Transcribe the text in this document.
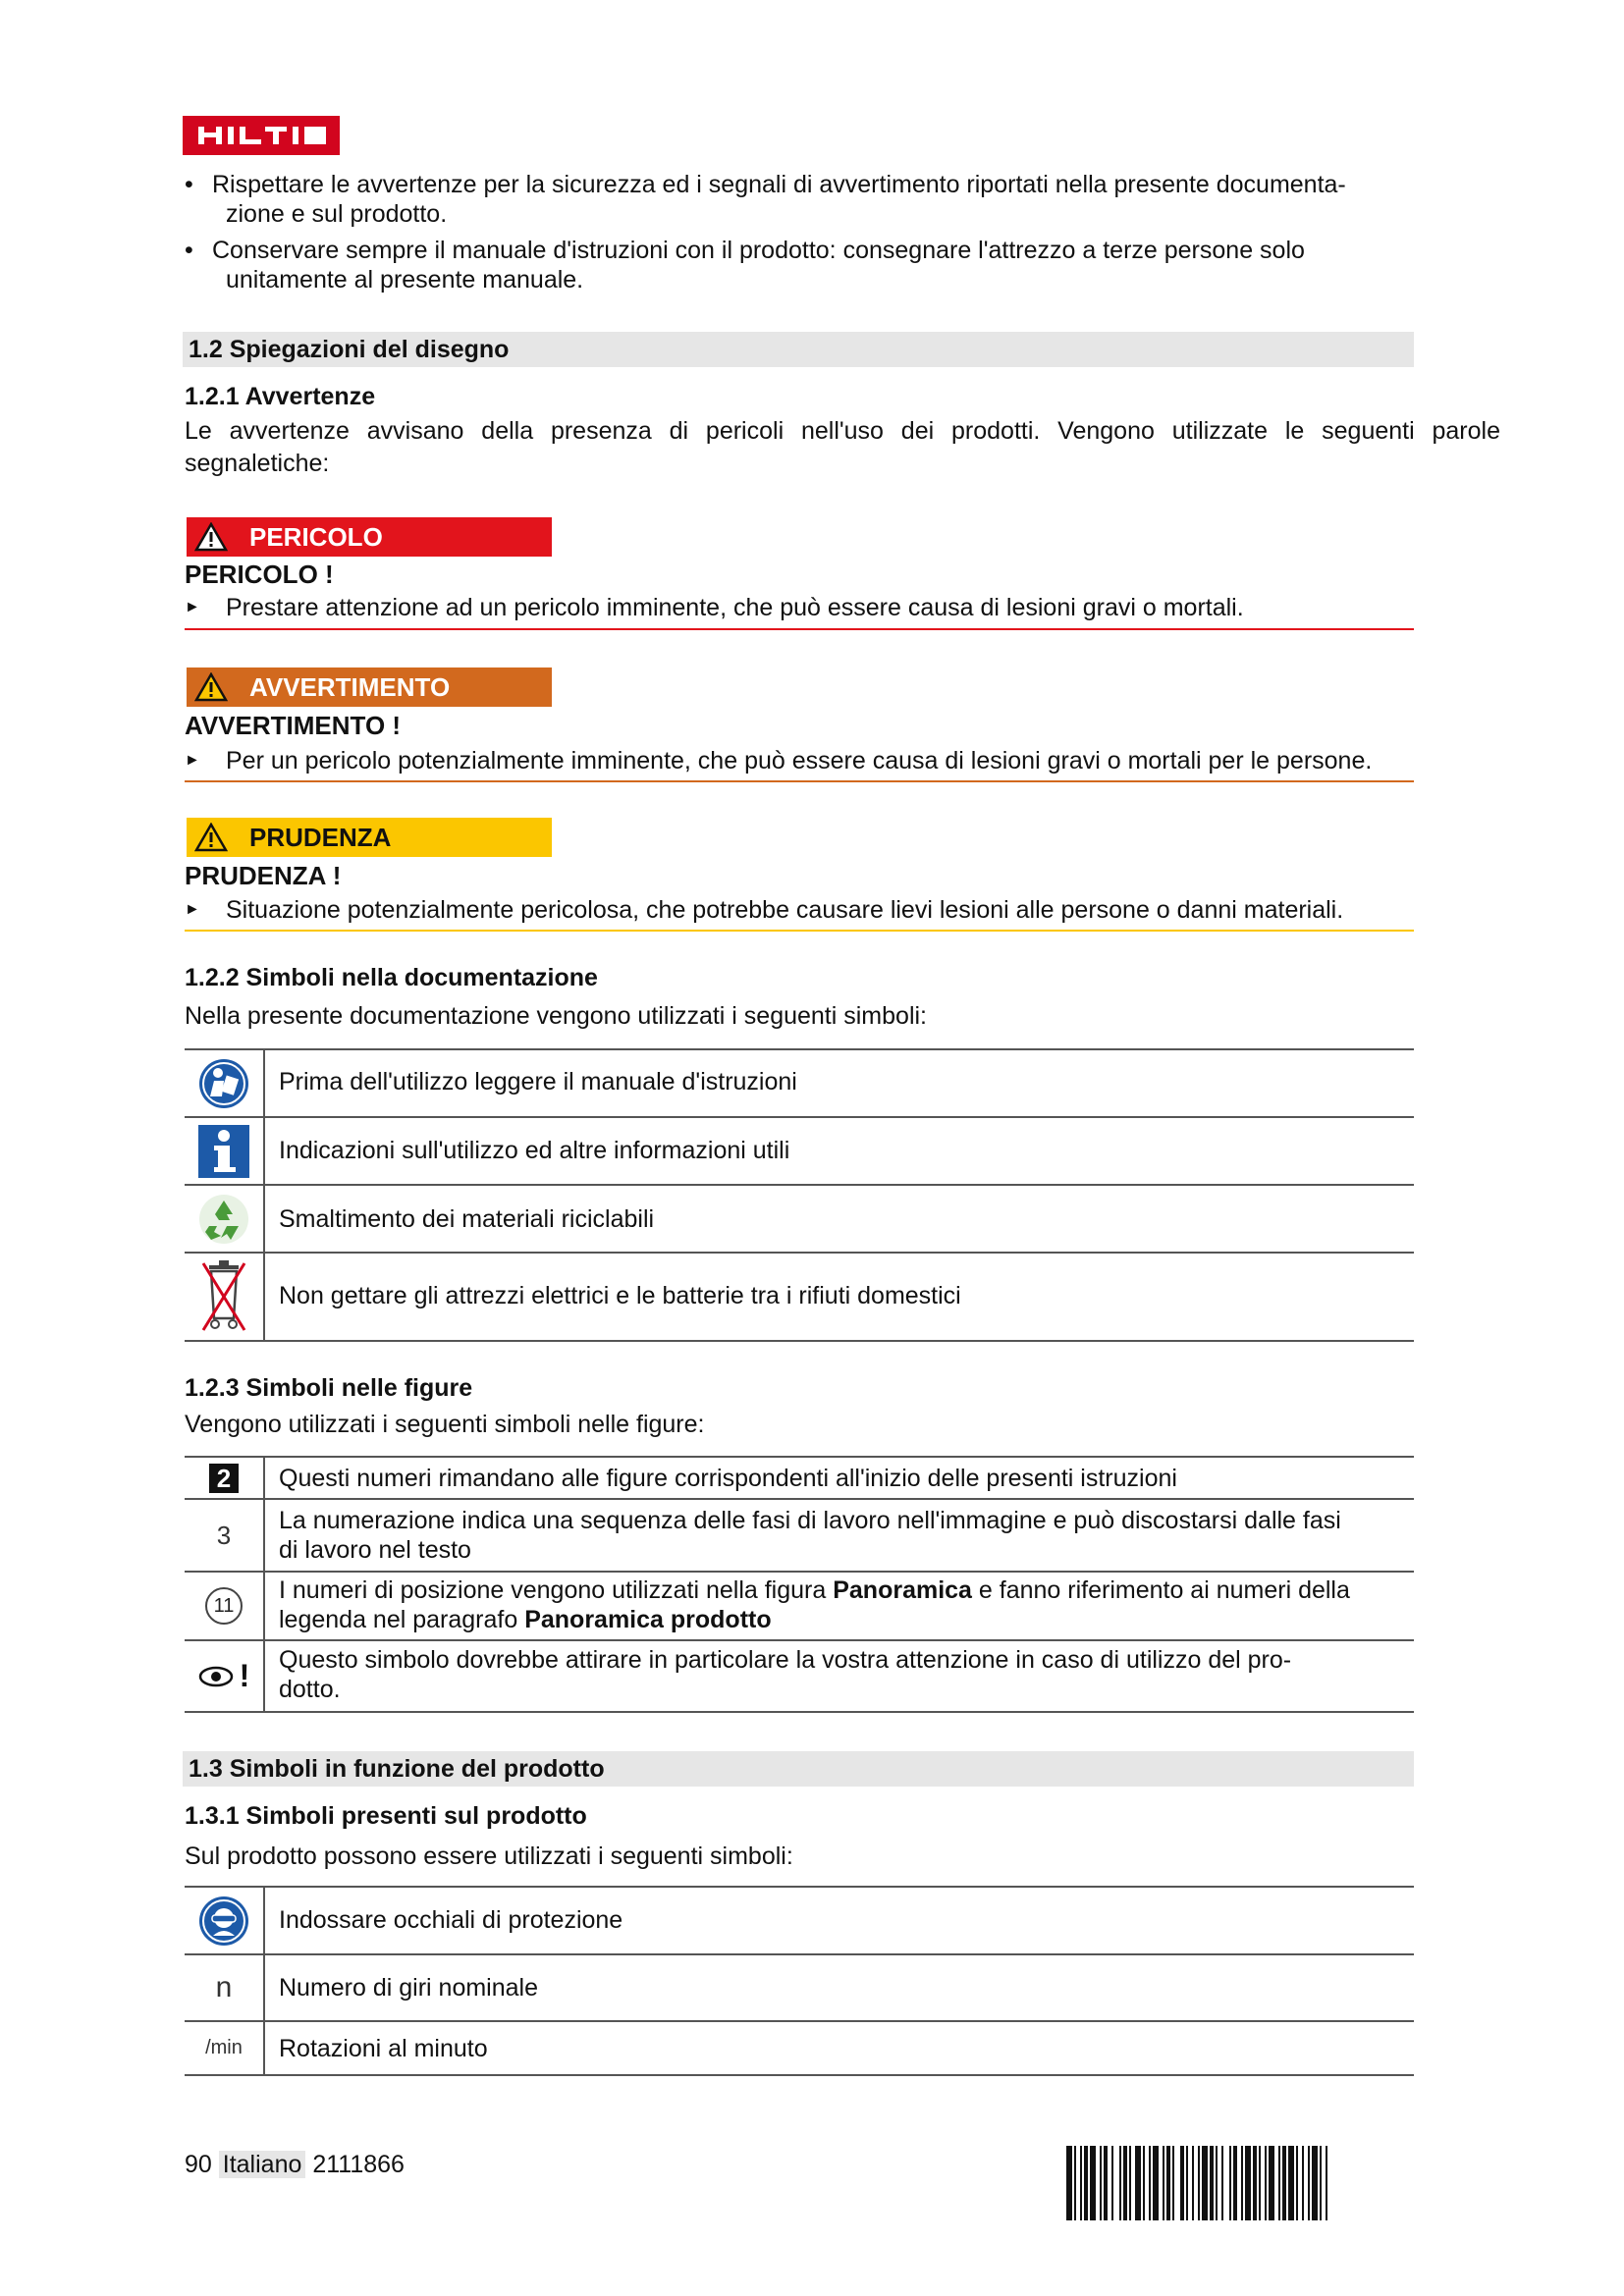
• Rispettare le avvertenze per la sicurezza ed i segnali di avvertimento riportati nella presente documenta-
zione e sul prodotto.
• Conservare sempre il manuale d'istruzioni con il prodotto: consegnare l'attrezzo a terze persone solo
unitamente al presente manuale.
1.2 Spiegazioni del disegno
1.2.1 Avvertenze
Le avvertenze avvisano della presenza di pericoli nell'uso dei prodotti. Vengono utilizzate le seguenti parole segnaletiche:
PERICOLO
PERICOLO !
► Prestare attenzione ad un pericolo imminente, che può essere causa di lesioni gravi o mortali.
AVVERTIMENTO
AVVERTIMENTO !
► Per un pericolo potenzialmente imminente, che può essere causa di lesioni gravi o mortali per le persone.
PRUDENZA
PRUDENZA !
► Situazione potenzialmente pericolosa, che potrebbe causare lievi lesioni alle persone o danni materiali.
1.2.2 Simboli nella documentazione
Nella presente documentazione vengono utilizzati i seguenti simboli:
Prima dell'utilizzo leggere il manuale d'istruzioni
Indicazioni sull'utilizzo ed altre informazioni utili
Smaltimento dei materiali riciclabili
Non gettare gli attrezzi elettrici e le batterie tra i rifiuti domestici
1.2.3 Simboli nelle figure
Vengono utilizzati i seguenti simboli nelle figure:
2	Questi numeri rimandano alle figure corrispondenti all'inizio delle presenti istruzioni
3 La numerazione indica una sequenza delle fasi di lavoro nell'immagine e può discostarsi dalle fasi
di lavoro nel testo
11
I numeri di posizione vengono utilizzati nella figura Panoramica e fanno riferimento ai numeri della
legenda nel paragrafo Panoramica prodotto
! Questo simbolo dovrebbe attirare in particolare la vostra attenzione in caso di utilizzo del pro-
dotto.
1.3 Simboli in funzione del prodotto
1.3.1 Simboli presenti sul prodotto
Sul prodotto possono essere utilizzati i seguenti simboli:
Indossare occhiali di protezione
n Numero di giri nominale
/min Rotazioni al minuto
90 Italiano 2111866
